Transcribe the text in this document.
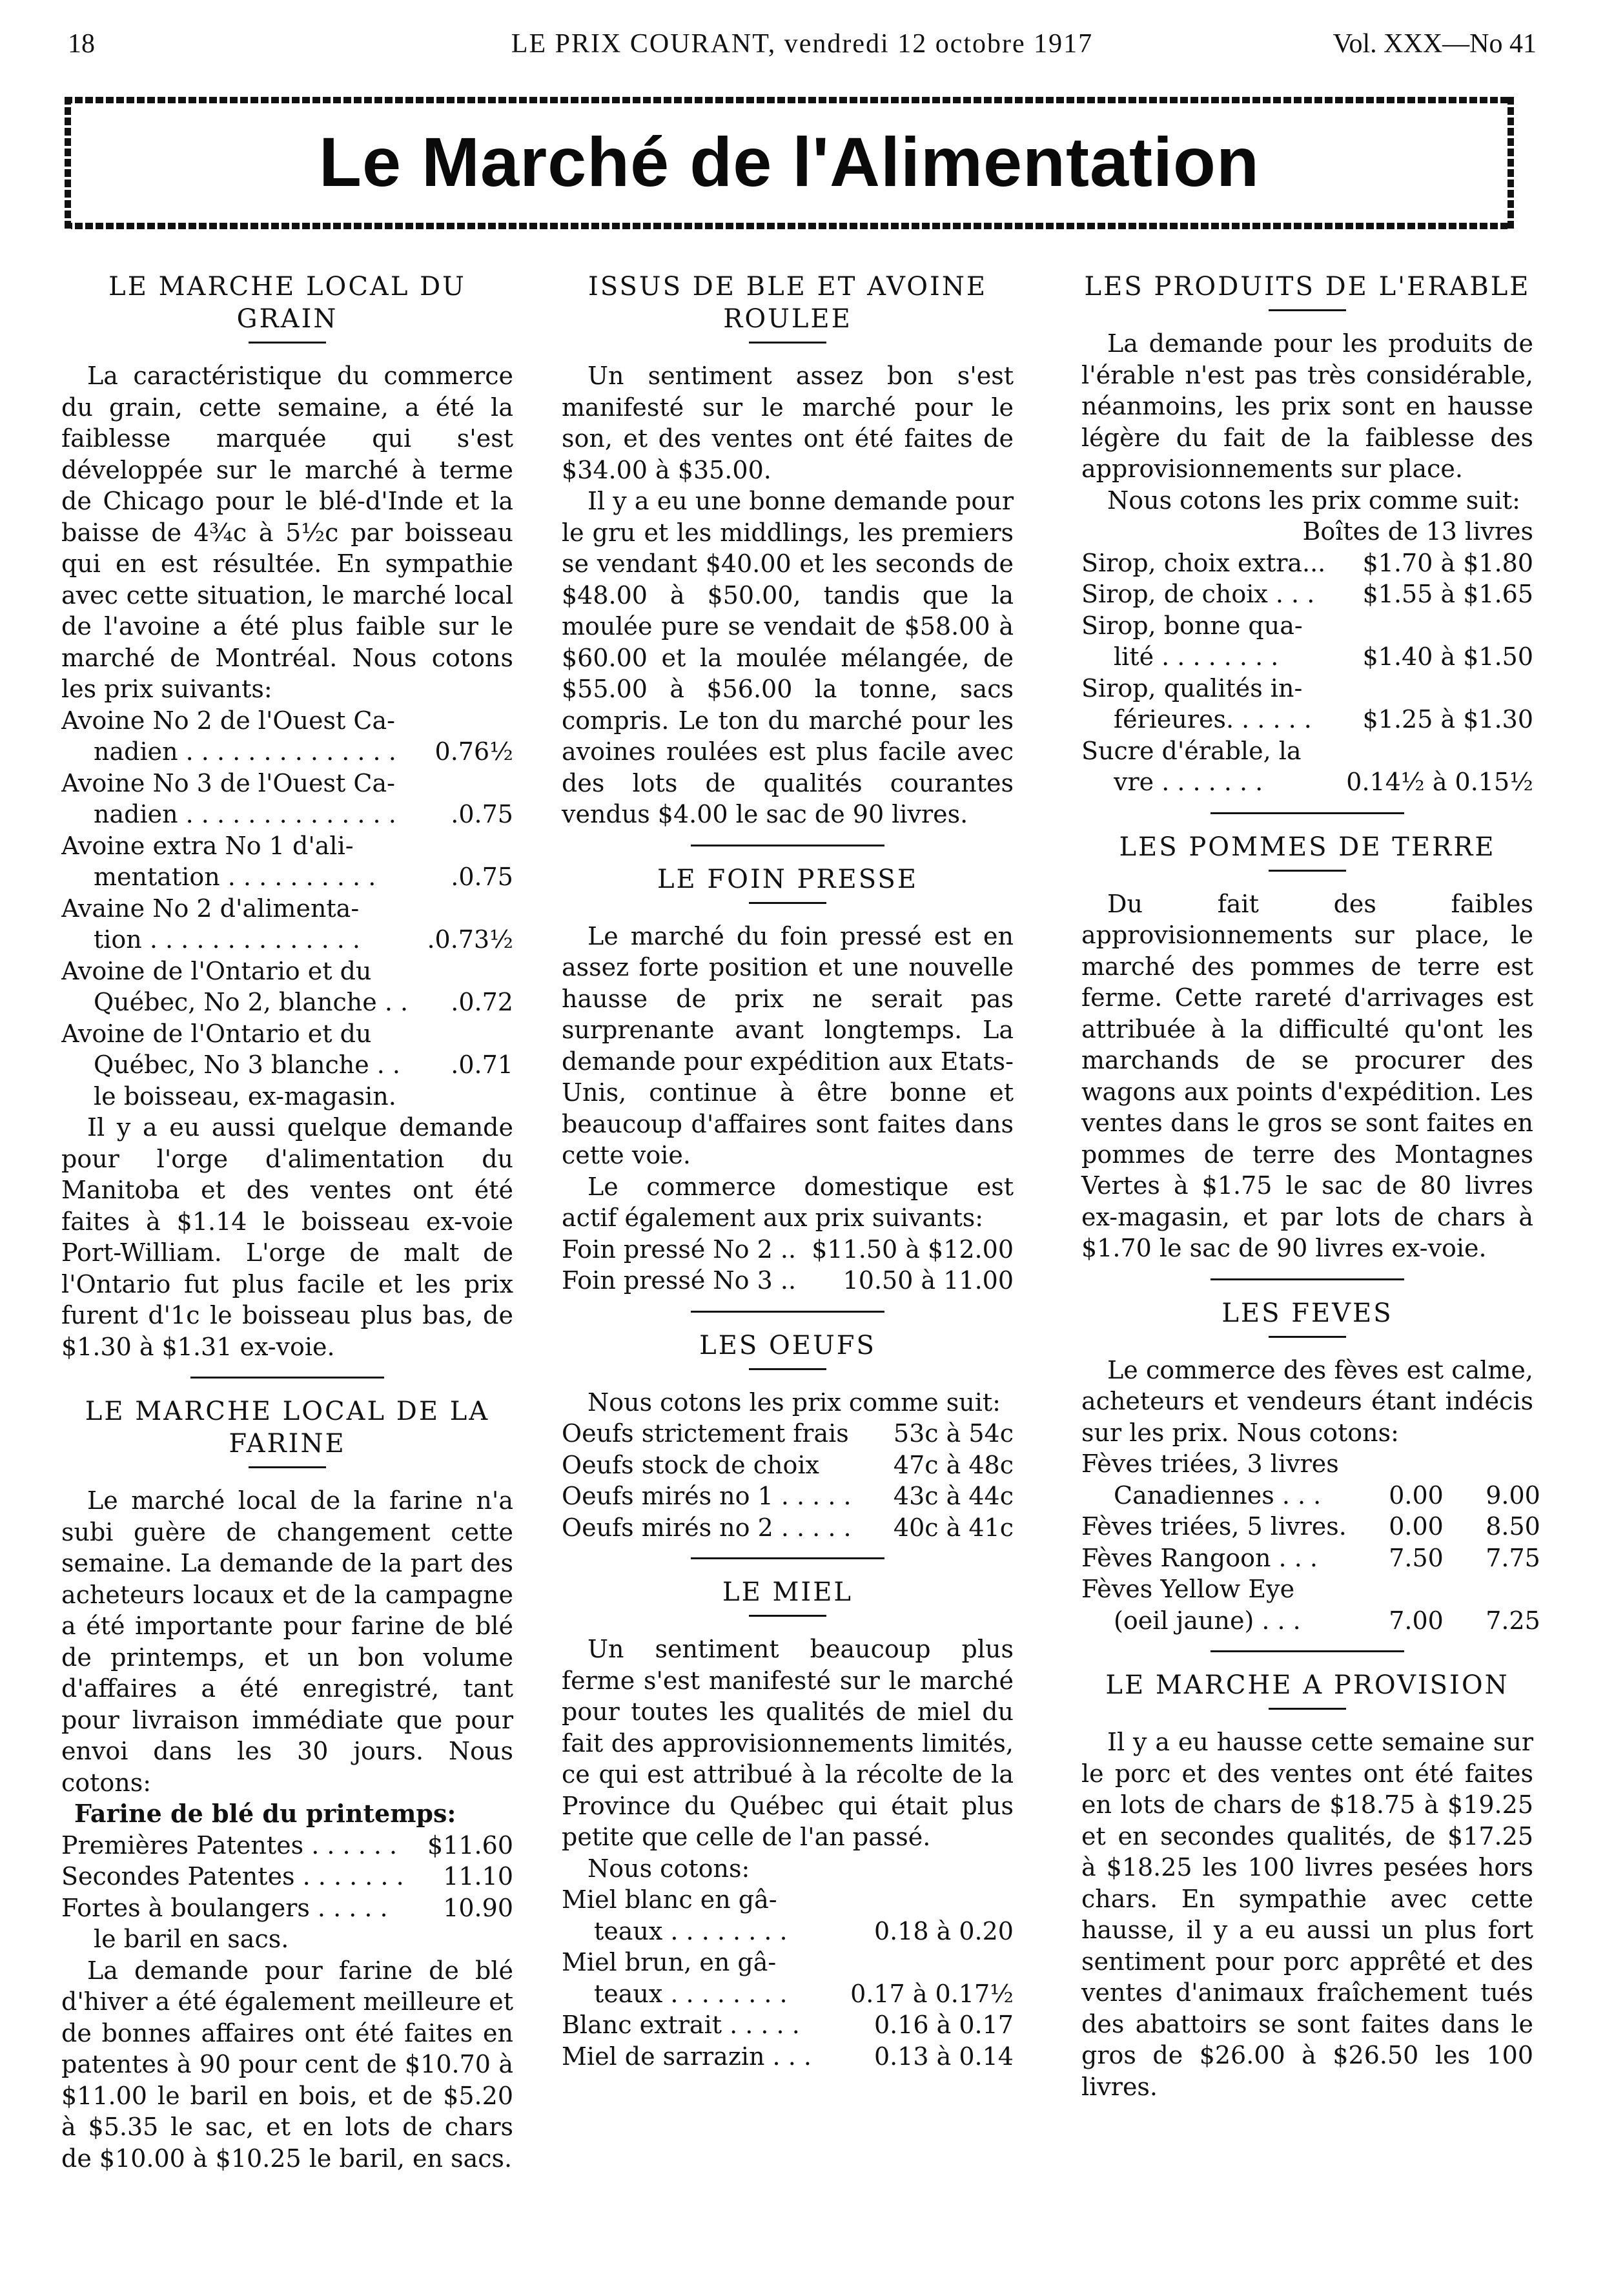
18	LE PRIX COURANT, vendredi 12 octobre 1917	Vol. XXX—No 41
Le Marché de l'Alimentation
LE MARCHE LOCAL DU GRAIN

La caractéristique du commerce du grain, cette semaine, a été la faiblesse marquée qui s'est développée sur le marché à terme de Chicago pour le blé-d'Inde et la baisse de 4¾c à 5½c par boisseau qui en est résultée. En sympathie avec cette situation, le marché local de l'avoine a été plus faible sur le marché de Montréal. Nous cotons les prix suivants:

Avoine No 2 de l'Ouest Ca-
nadien . . . . . . . . . . . . . .	0.76½
Avoine No 3 de l'Ouest Ca-
nadien . . . . . . . . . . . . . .	.0.75
Avoine extra No 1 d'ali-
mentation . . . . . . . . . .	.0.75
Avaine No 2 d'alimenta-
tion . . . . . . . . . . . . . .	.0.73½
Avoine de l'Ontario et du
Québec, No 2, blanche . .	.0.72
Avoine de l'Ontario et du
Québec, No 3 blanche . .	.0.71
le boisseau, ex-magasin.

Il y a eu aussi quelque demande pour l'orge d'alimentation du Manitoba et des ventes ont été faites à $1.14 le boisseau ex-voie Port-William. L'orge de malt de l'Ontario fut plus facile et les prix furent d'1c le boisseau plus bas, de $1.30 à $1.31 ex-voie.

LE MARCHE LOCAL DE LA FARINE

Le marché local de la farine n'a subi guère de changement cette semaine. La demande de la part des acheteurs locaux et de la campagne a été importante pour farine de blé de printemps, et un bon volume d'affaires a été enregistré, tant pour livraison immédiate que pour envoi dans les 30 jours. Nous cotons:

Farine de blé du printemps:
Premières Patentes . . . . . .	$11.60
Secondes Patentes . . . . . . .	11.10
Fortes à boulangers . . . . .	10.90
le baril en sacs.

La demande pour farine de blé d'hiver a été également meilleure et de bonnes affaires ont été faites en patentes à 90 pour cent de $10.70 à $11.00 le baril en bois, et de $5.20 à $5.35 le sac, et en lots de chars de $10.00 à $10.25 le baril, en sacs.

ISSUS DE BLE ET AVOINE ROULEE

Un sentiment assez bon s'est manifesté sur le marché pour le son, et des ventes ont été faites de $34.00 à $35.00.

Il y a eu une bonne demande pour le gru et les middlings, les premiers se vendant $40.00 et les seconds de $48.00 à $50.00, tandis que la moulée pure se vendait de $58.00 à $60.00 et la moulée mélangée, de $55.00 à $56.00 la tonne, sacs compris. Le ton du marché pour les avoines roulées est plus facile avec des lots de qualités courantes vendus $4.00 le sac de 90 livres.

LE FOIN PRESSE

Le marché du foin pressé est en assez forte position et une nouvelle hausse de prix ne serait pas surprenante avant longtemps. La demande pour expédition aux Etats-Unis, continue à être bonne et beaucoup d'affaires sont faites dans cette voie.

Le commerce domestique est actif également aux prix suivants:

Foin pressé No 2 .. $11.50 à $12.00
Foin pressé No 3 ..	10.50 à 11.00
LES OEUFS

Nous cotons les prix comme suit:

Oeufs strictement frais	53c à 54c
Oeufs stock de choix	47c à 48c
Oeufs mirés no 1 . . . . .	43c à 44c
Oeufs mirés no 2 . . . . .	40c à 41c
LE MIEL

Un sentiment beaucoup plus ferme s'est manifesté sur le marché pour toutes les qualités de miel du fait des approvisionnements limités, ce qui est attribué à la récolte de la Province du Québec qui était plus petite que celle de l'an passé.

Nous cotons:

Miel blanc en gâ-
teaux . . . . . . . .	0.18 à 0.20
Miel brun, en gâ-
teaux . . . . . . . .	0.17 à 0.17½
Blanc extrait . . . . .	0.16 à 0.17
Miel de sarrazin . . .	0.13 à 0.14
LES PRODUITS DE L'ERABLE

La demande pour les produits de l'érable n'est pas très considérable, néanmoins, les prix sont en hausse légère du fait de la faiblesse des approvisionnements sur place.

Nous cotons les prix comme suit:

Boîtes de 13 livres
Sirop, choix extra...	$1.70 à $1.80
Sirop, de choix . . .	$1.55 à $1.65
Sirop, bonne qua-
lité . . . . . . . .	$1.40 à $1.50
Sirop, qualités in-
férieures. . . . . .	$1.25 à $1.30
Sucre d'érable, la
vre . . . . . . .	0.14½ à 0.15½
LES POMMES DE TERRE

Du fait des faibles approvisionnements sur place, le marché des pommes de terre est ferme. Cette rareté d'arrivages est attribuée à la difficulté qu'ont les marchands de se procurer des wagons aux points d'expédition. Les ventes dans le gros se sont faites en pommes de terre des Montagnes Vertes à $1.75 le sac de 80 livres ex-magasin, et par lots de chars à $1.70 le sac de 90 livres ex-voie.

LES FEVES

Le commerce des fèves est calme, acheteurs et vendeurs étant indécis sur les prix. Nous cotons:

Fèves triées, 3 livres
Canadiennes . . .	0.00	9.00
Fèves triées, 5 livres.	0.00	8.50
Fèves Rangoon . . .	7.50	7.75
Fèves Yellow Eye
(oeil jaune) . . .	7.00	7.25
LE MARCHE A PROVISION

Il y a eu hausse cette semaine sur le porc et des ventes ont été faites en lots de chars de $18.75 à $19.25 et en secondes qualités, de $17.25 à $18.25 les 100 livres pesées hors chars. En sympathie avec cette hausse, il y a eu aussi un plus fort sentiment pour porc apprêté et des ventes d'animaux fraîchement tués des abattoirs se sont faites dans le gros de $26.00 à $26.50 les 100 livres.
